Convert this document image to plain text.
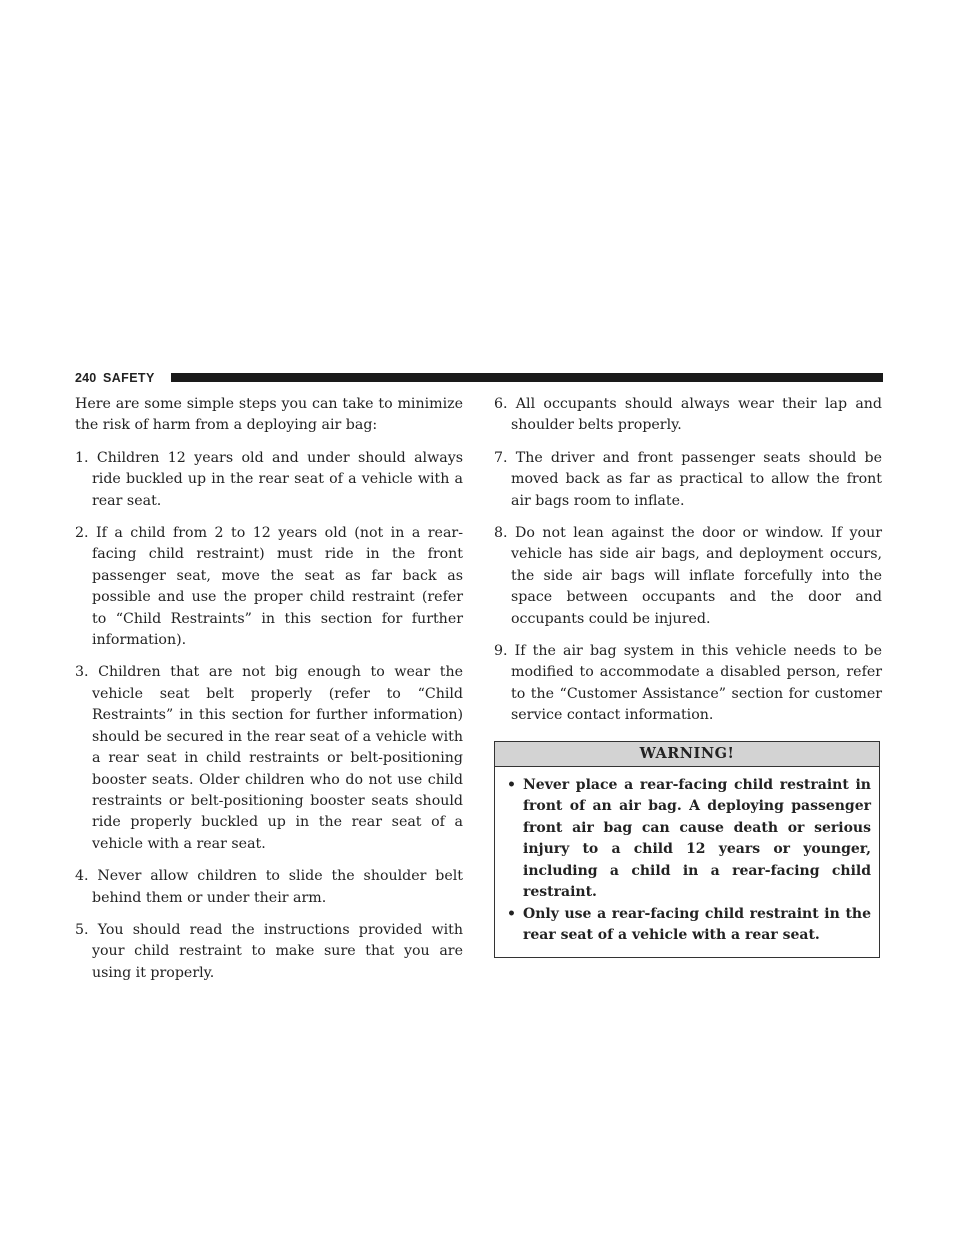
240 SAFETY

Here are some simple steps you can take to minimize the risk of harm from a deploying air bag:

1. Children 12 years old and under should always ride buckled up in the rear seat of a vehicle with a rear seat.

2. If a child from 2 to 12 years old (not in a rear-facing child restraint) must ride in the front passenger seat, move the seat as far back as possible and use the proper child restraint (refer to “Child Restraints” in this section for further information).

3. Children that are not big enough to wear the vehicle seat belt properly (refer to “Child Restraints” in this section for further information) should be secured in the rear seat of a vehicle with a rear seat in child restraints or belt-positioning booster seats. Older children who do not use child restraints or belt-positioning booster seats should ride properly buckled up in the rear seat of a vehicle with a rear seat.

4. Never allow children to slide the shoulder belt behind them or under their arm.

5. You should read the instructions provided with your child restraint to make sure that you are using it properly.

6. All occupants should always wear their lap and shoulder belts properly.

7. The driver and front passenger seats should be moved back as far as practical to allow the front air bags room to inflate.

8. Do not lean against the door or window. If your vehicle has side air bags, and deployment occurs, the side air bags will inflate forcefully into the space between occupants and the door and occupants could be injured.

9. If the air bag system in this vehicle needs to be modified to accommodate a disabled person, refer to the “Customer Assistance” section for customer service contact information.

WARNING!
• Never place a rear-facing child restraint in front of an air bag. A deploying passenger front air bag can cause death or serious injury to a child 12 years or younger, including a child in a rear-facing child restraint.
• Only use a rear-facing child restraint in the rear seat of a vehicle with a rear seat.
